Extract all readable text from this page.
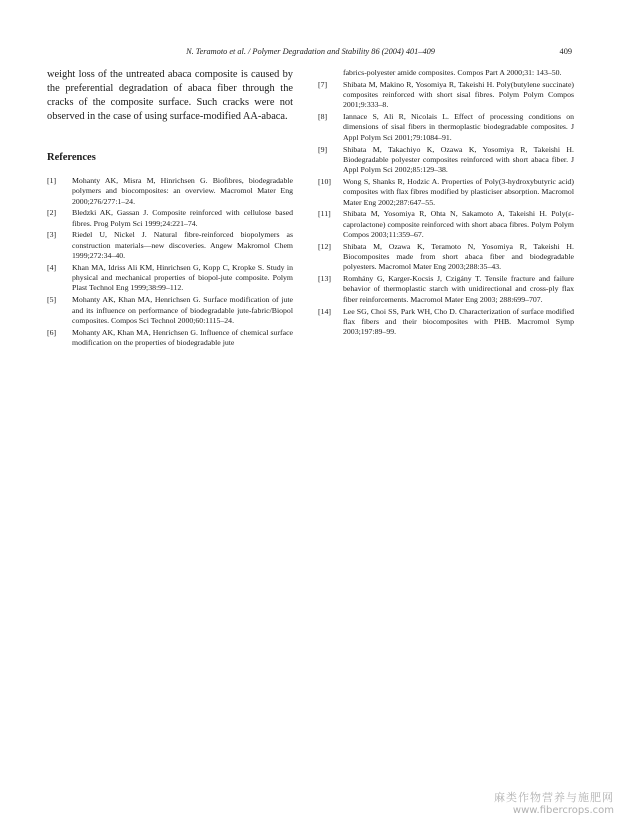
N. Teramoto et al. / Polymer Degradation and Stability 86 (2004) 401–409	409

weight loss of the untreated abaca composite is caused by the preferential degradation of abaca fiber through the cracks of the composite surface. Such cracks were not observed in the case of using surface-modified AA-abaca.

References
[1] Mohanty AK, Misra M, Hinrichsen G. Biofibres, biodegradable polymers and biocomposites: an overview. Macromol Mater Eng 2000;276/277:1–24.
[2] Bledzki AK, Gassan J. Composite reinforced with cellulose based fibres. Prog Polym Sci 1999;24:221–74.
[3] Riedel U, Nickel J. Natural fibre-reinforced biopolymers as construction materials—new discoveries. Angew Makromol Chem 1999;272:34–40.
[4] Khan MA, Idriss Ali KM, Hinrichsen G, Kopp C, Kropke S. Study in physical and mechanical properties of biopol-jute composite. Polym Plast Technol Eng 1999;38:99–112.
[5] Mohanty AK, Khan MA, Henrichsen G. Surface modification of jute and its influence on performance of biodegradable jute-fabric/Biopol composites. Compos Sci Technol 2000;60:1115–24.
[6] Mohanty AK, Khan MA, Henrichsen G. Influence of chemical surface modification on the properties of biodegradable jute
fabrics-polyester amide composites. Compos Part A 2000;31: 143–50.
[7] Shibata M, Makino R, Yosomiya R, Takeishi H. Poly(butylene succinate) composites reinforced with short sisal fibres. Polym Polym Compos 2001;9:333–8.
[8] Iannace S, Ali R, Nicolais L. Effect of processing conditions on dimensions of sisal fibers in thermoplastic biodegradable composites. J Appl Polym Sci 2001;79:1084–91.
[9] Shibata M, Takachiyo K, Ozawa K, Yosomiya R, Takeishi H. Biodegradable polyester composites reinforced with short abaca fiber. J Appl Polym Sci 2002;85:129–38.
[10] Wong S, Shanks R, Hodzic A. Properties of Poly(3-hydroxybutyric acid) composites with flax fibres modified by plasticiser absorption. Macromol Mater Eng 2002;287:647–55.
[11] Shibata M, Yosomiya R, Ohta N, Sakamoto A, Takeishi H. Poly(ε-caprolactone) composite reinforced with short abaca fibres. Polym Polym Compos 2003;11:359–67.
[12] Shibata M, Ozawa K, Teramoto N, Yosomiya R, Takeishi H. Biocomposites made from short abaca fiber and biodegradable polyesters. Macromol Mater Eng 2003;288:35–43.
[13] Romhány G, Karger-Kocsis J, Czigány T. Tensile fracture and failure behavior of thermoplastic starch with unidirectional and cross-ply flax fiber reinforcements. Macromol Mater Eng 2003; 288:699–707.
[14] Lee SG, Choi SS, Park WH, Cho D. Characterization of surface modified flax fibers and their biocomposites with PHB. Macromol Symp 2003;197:89–99.
麻类作物营养与施肥网
www.fibercrops.com
